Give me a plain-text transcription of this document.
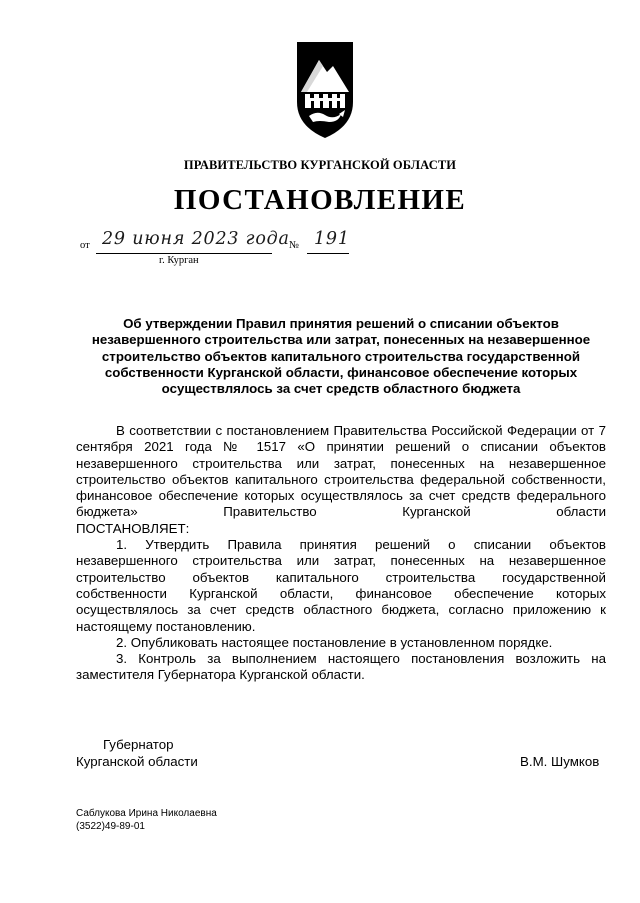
ПРАВИТЕЛЬСТВО КУРГАНСКОЙ ОБЛАСТИ
ПОСТАНОВЛЕНИЕ
от 29 июня 2023 года № 191
г. Курган
Об утверждении Правил принятия решений о списании объектов незавершенного строительства или затрат, понесенных на незавершенное строительство объектов капитального строительства государственной собственности Курганской области, финансовое обеспечение которых осуществлялось за счет средств областного бюджета

В соответствии с постановлением Правительства Российской Федерации от 7 сентября 2021 года № 1517 «О принятии решений о списании объектов незавершенного строительства или затрат, понесенных на незавершенное строительство объектов капитального строительства федеральной собственности, финансовое обеспечение которых осуществлялось за счет средств федерального бюджета» Правительство Курганской области

ПОСТАНОВЛЯЕТ:

1. Утвердить Правила принятия решений о списании объектов незавершенного строительства или затрат, понесенных на незавершенное строительство объектов капитального строительства государственной собственности Курганской области, финансовое обеспечение которых осуществлялось за счет средств областного бюджета, согласно приложению к настоящему постановлению.

2. Опубликовать настоящее постановление в установленном порядке.

3. Контроль за выполнением настоящего постановления возложить на заместителя Губернатора Курганской области.

Губернатор
Курганской области	В.М. Шумков
Саблукова Ирина Николаевна
(3522)49-89-01
